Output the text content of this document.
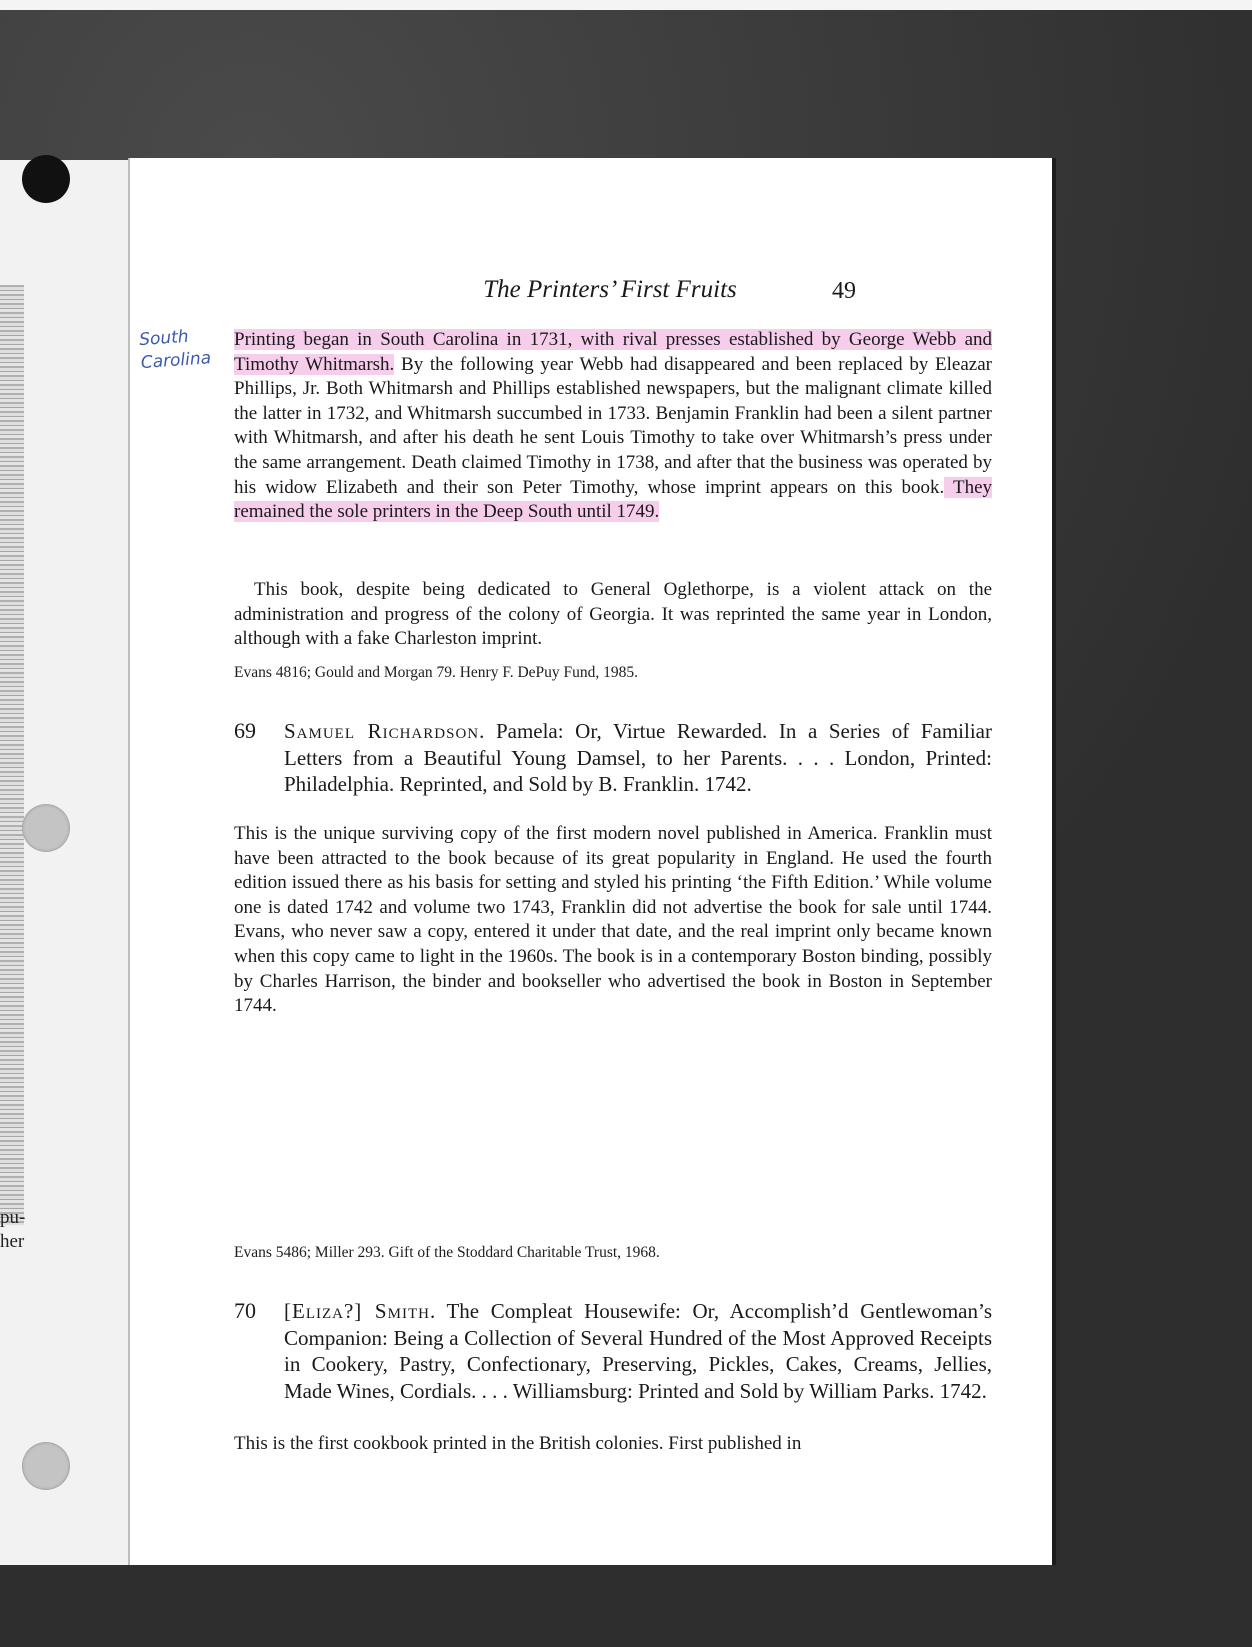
pu-
her
The Printers’ First Fruits	49
South
Carolina
Printing began in South Carolina in 1731, with rival presses established by George Webb and Timothy Whitmarsh. By the following year Webb had disappeared and been replaced by Eleazar Phillips, Jr. Both Whitmarsh and Phillips established newspapers, but the malignant climate killed the latter in 1732, and Whitmarsh succumbed in 1733. Benjamin Franklin had been a silent partner with Whitmarsh, and after his death he sent Louis Timothy to take over Whitmarsh’s press under the same arrangement. Death claimed Timothy in 1738, and after that the business was operated by his widow Elizabeth and their son Peter Timothy, whose imprint appears on this book. They remained the sole printers in the Deep South until 1749.
This book, despite being dedicated to General Oglethorpe, is a violent attack on the administration and progress of the colony of Georgia. It was reprinted the same year in London, although with a fake Charleston imprint.
Evans 4816; Gould and Morgan 79. Henry F. DePuy Fund, 1985.
69 Samuel Richardson. Pamela: Or, Virtue Rewarded. In a Series of Familiar Letters from a Beautiful Young Damsel, to her Parents. . . . London, Printed: Philadelphia. Reprinted, and Sold by B. Franklin. 1742.
This is the unique surviving copy of the first modern novel published in America. Franklin must have been attracted to the book because of its great popularity in England. He used the fourth edition issued there as his basis for setting and styled his printing ‘the Fifth Edition.’ While volume one is dated 1742 and volume two 1743, Franklin did not advertise the book for sale until 1744. Evans, who never saw a copy, entered it under that date, and the real imprint only became known when this copy came to light in the 1960s. The book is in a contemporary Boston binding, possibly by Charles Harrison, the binder and bookseller who advertised the book in Boston in September 1744.
Evans 5486; Miller 293. Gift of the Stoddard Charitable Trust, 1968.
70 [Eliza?] Smith. The Compleat Housewife: Or, Accomplish’d Gentlewoman’s Companion: Being a Collection of Several Hundred of the Most Approved Receipts in Cookery, Pastry, Confectionary, Preserving, Pickles, Cakes, Creams, Jellies, Made Wines, Cordials. . . . Williamsburg: Printed and Sold by William Parks. 1742.
This is the first cookbook printed in the British colonies. First published in
